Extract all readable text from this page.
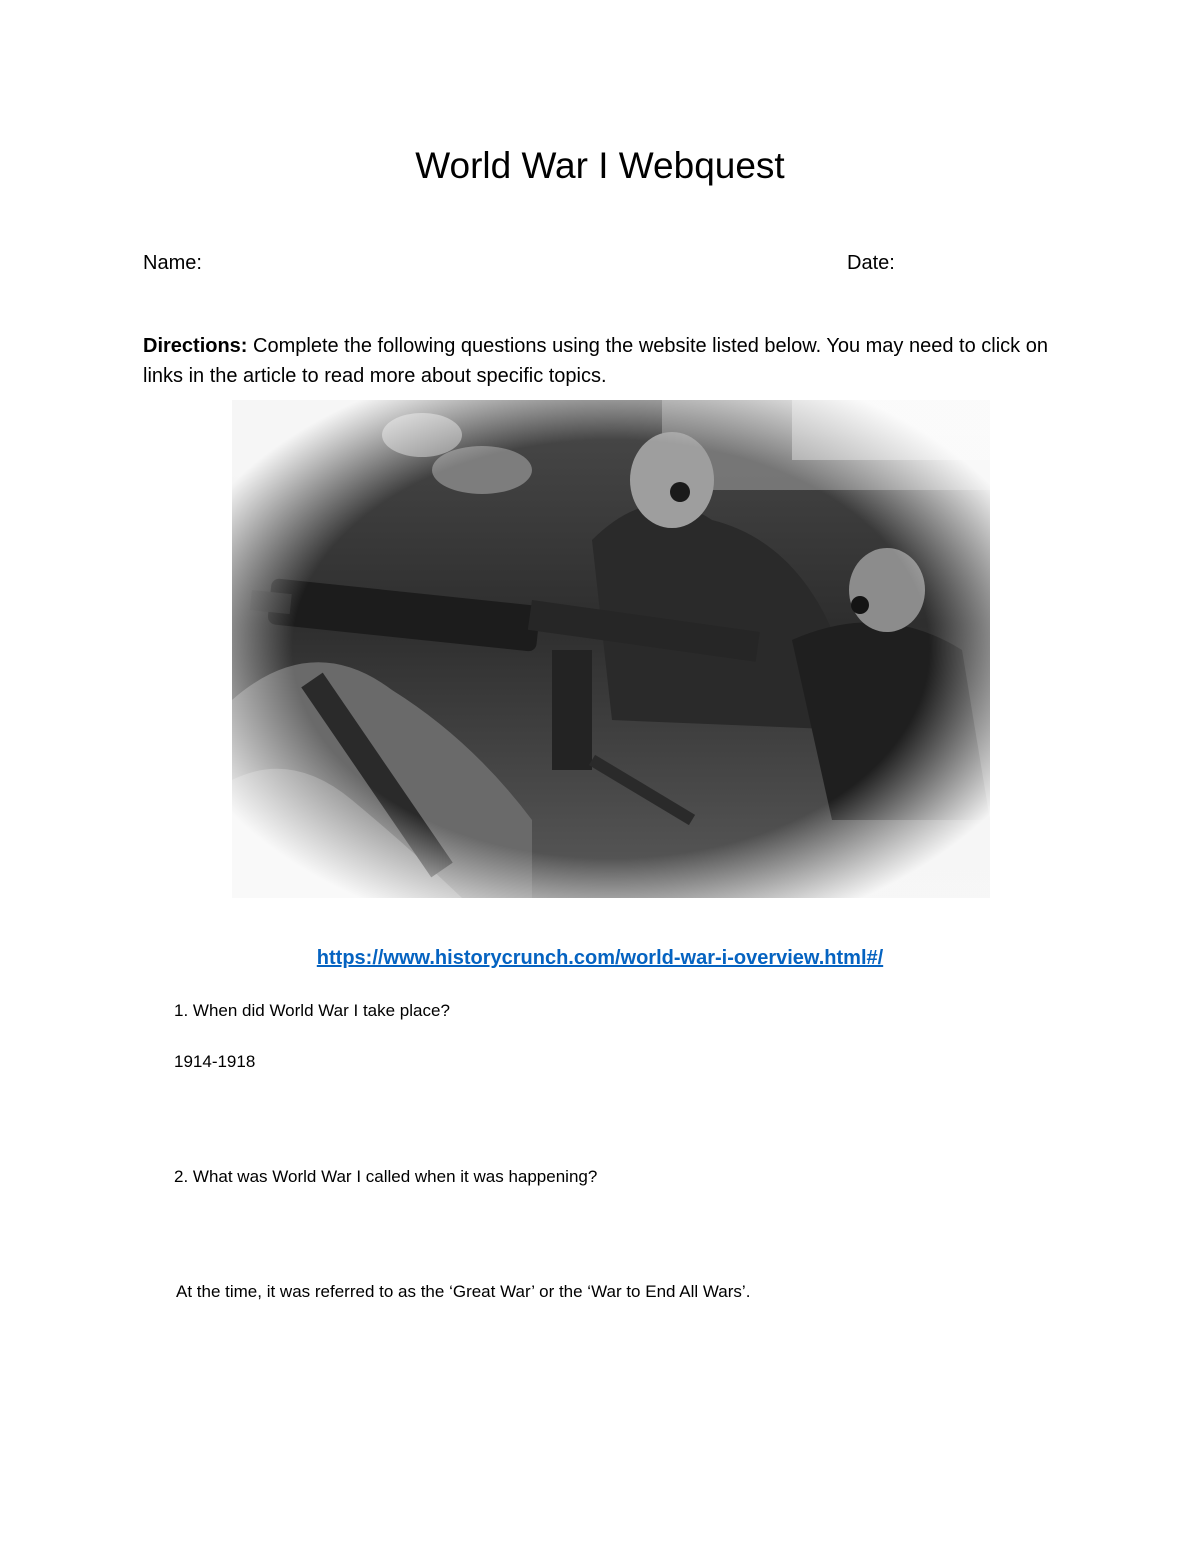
World War I Webquest
Name:	Date:
Directions: Complete the following questions using the website listed below. You may need to click on links in the article to read more about specific topics.
https://www.historycrunch.com/world-war-i-overview.html#/
1. When did World War I take place?
1914-1918
2. What was World War I called when it was happening?
At the time, it was referred to as the ‘Great War’ or the ‘War to End All Wars’.
